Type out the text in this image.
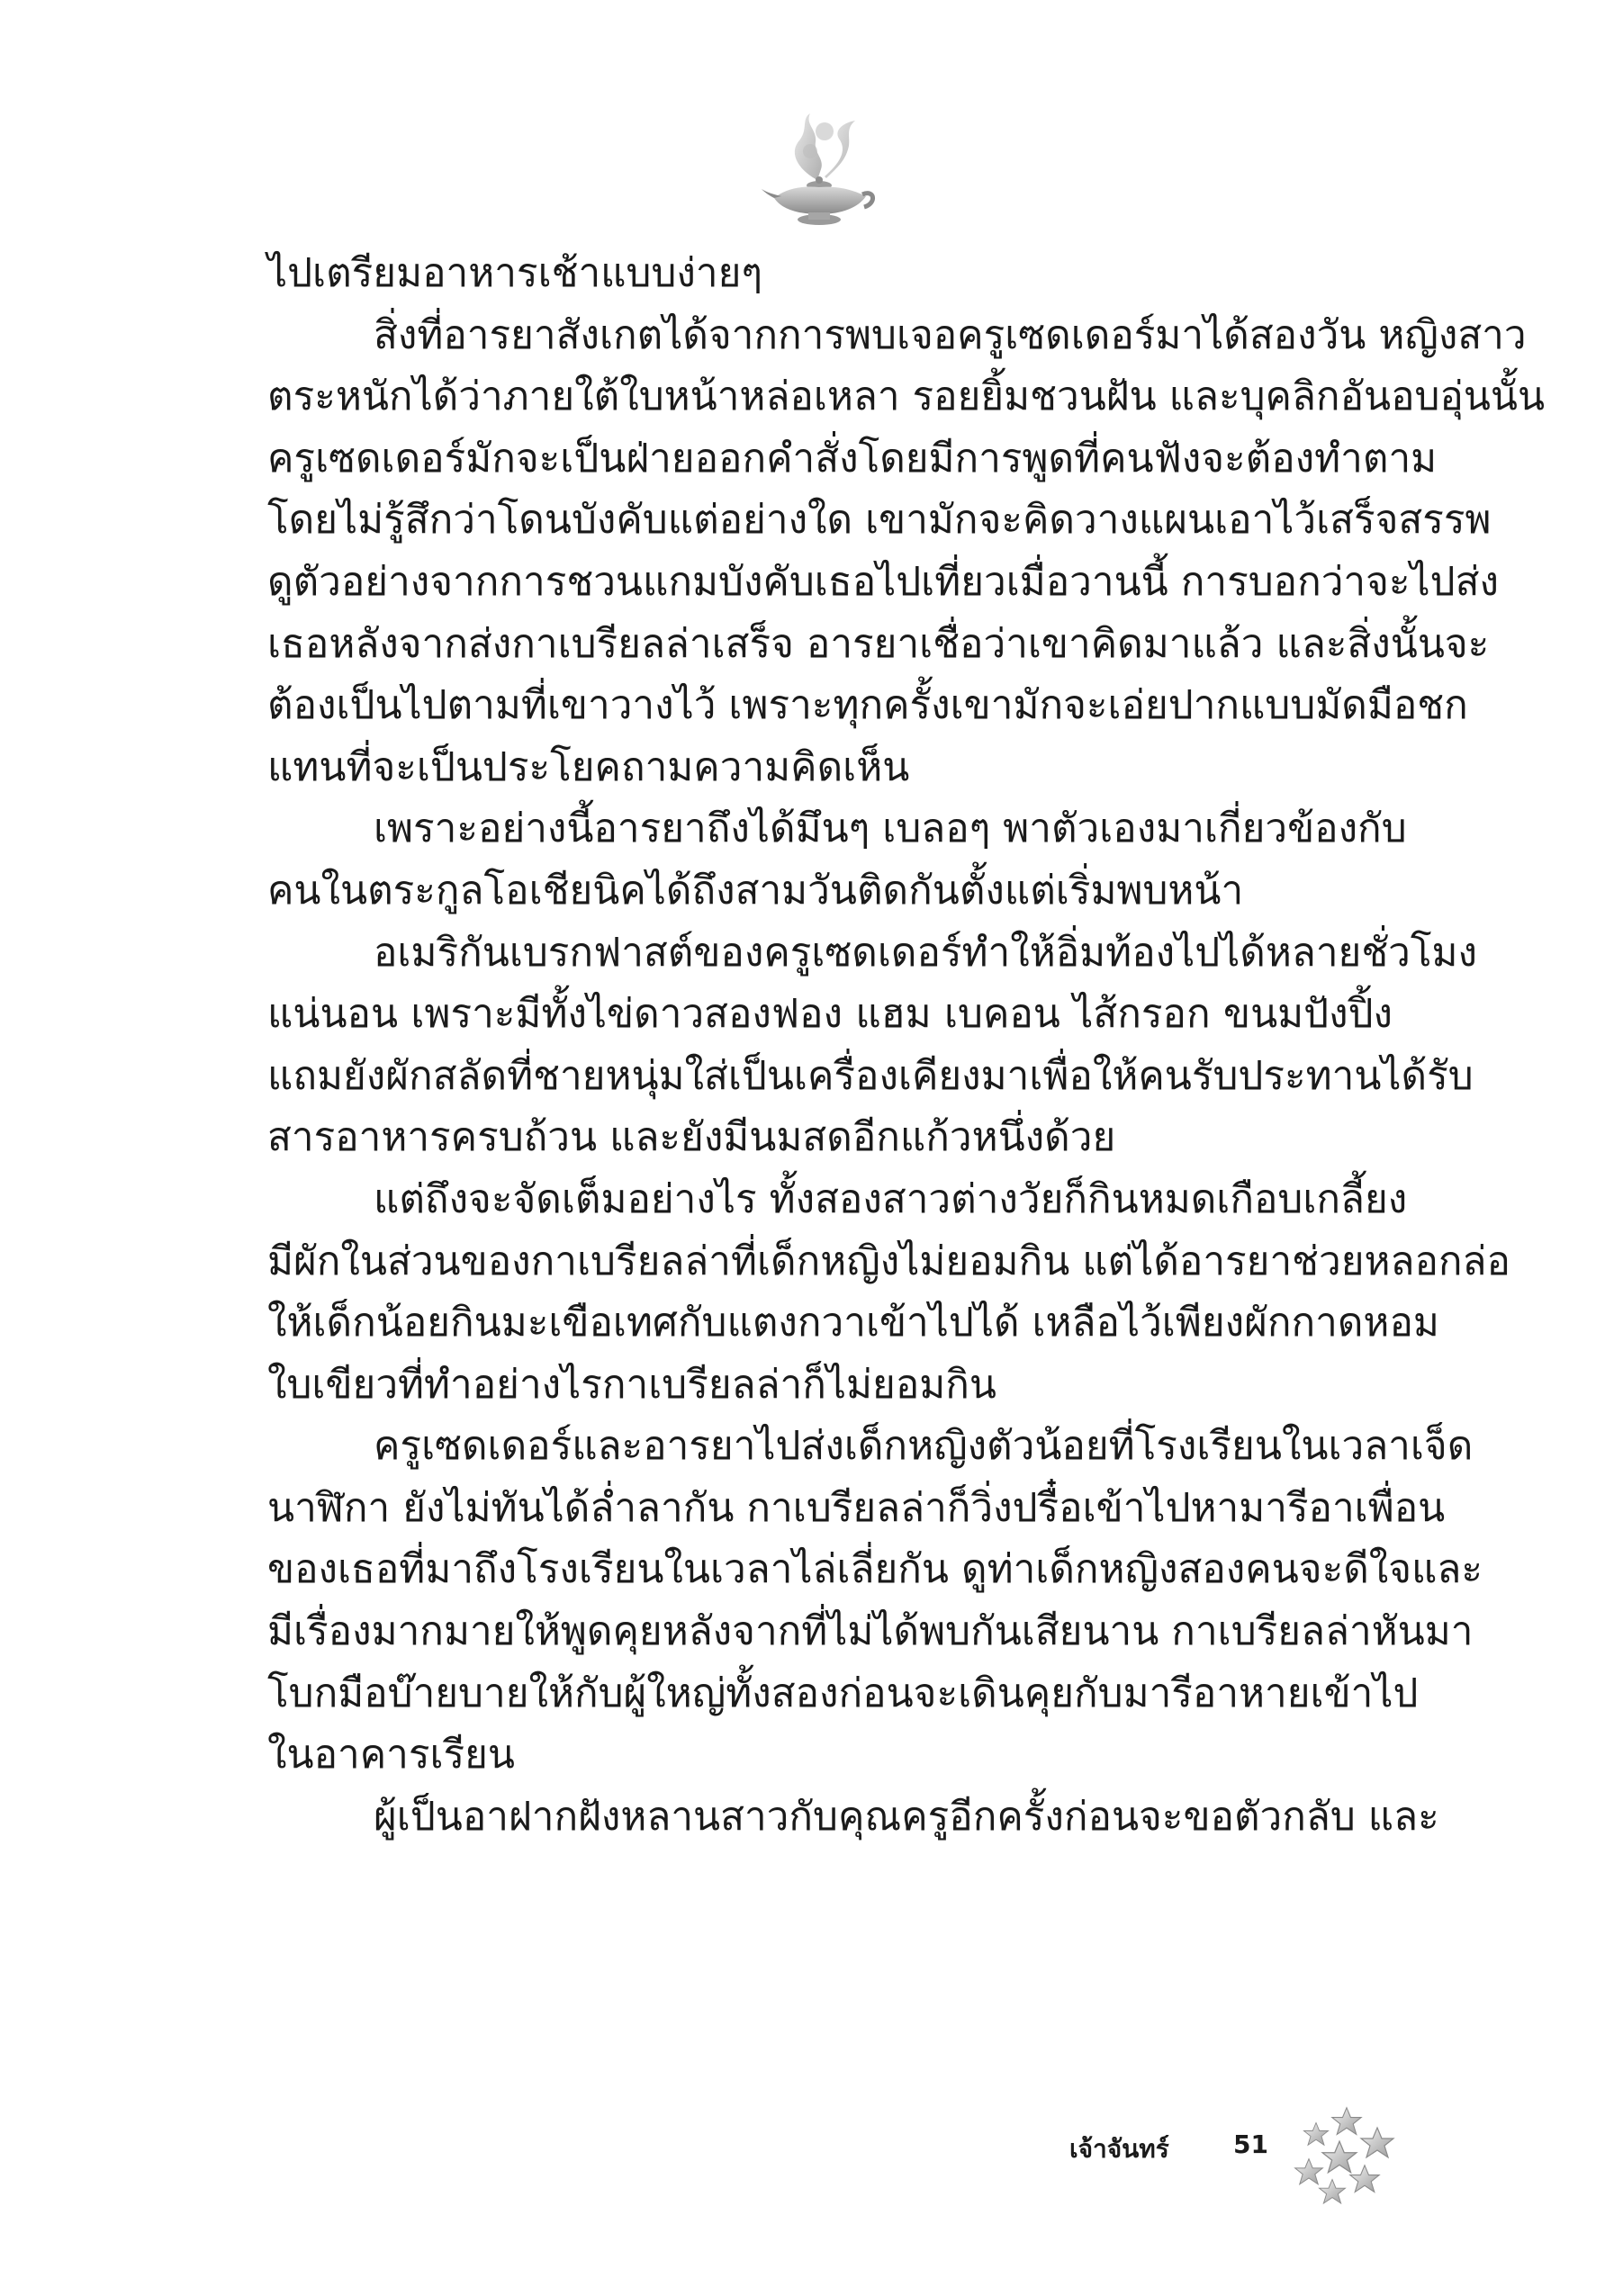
ไปเตรียมอาหารเช้าแบบง่ายๆ
สิ่งที่อารยาสังเกตได้จากการพบเจอครูเซดเดอร์มาได้สองวัน หญิงสาว
ตระหนักได้ว่าภายใต้ใบหน้าหล่อเหลา รอยยิ้มชวนฝัน และบุคลิกอันอบอุ่นนั้น
ครูเซดเดอร์มักจะเป็นฝ่ายออกคำสั่งโดยมีการพูดที่คนฟังจะต้องทำตาม
โดยไม่รู้สึกว่าโดนบังคับแต่อย่างใด เขามักจะคิดวางแผนเอาไว้เสร็จสรรพ
ดูตัวอย่างจากการชวนแกมบังคับเธอไปเที่ยวเมื่อวานนี้ การบอกว่าจะไปส่ง
เธอหลังจากส่งกาเบรียลล่าเสร็จ อารยาเชื่อว่าเขาคิดมาแล้ว และสิ่งนั้นจะ
ต้องเป็นไปตามที่เขาวางไว้ เพราะทุกครั้งเขามักจะเอ่ยปากแบบมัดมือชก
แทนที่จะเป็นประโยคถามความคิดเห็น
เพราะอย่างนี้อารยาถึงได้มึนๆ เบลอๆ พาตัวเองมาเกี่ยวข้องกับ
คนในตระกูลโอเชียนิคได้ถึงสามวันติดกันตั้งแต่เริ่มพบหน้า
อเมริกันเบรกฟาสต์ของครูเซดเดอร์ทำให้อิ่มท้องไปได้หลายชั่วโมง
แน่นอน เพราะมีทั้งไข่ดาวสองฟอง แฮม เบคอน ไส้กรอก ขนมปังปิ้ง
แถมยังผักสลัดที่ชายหนุ่มใส่เป็นเครื่องเคียงมาเพื่อให้คนรับประทานได้รับ
สารอาหารครบถ้วน และยังมีนมสดอีกแก้วหนึ่งด้วย
แต่ถึงจะจัดเต็มอย่างไร ทั้งสองสาวต่างวัยก็กินหมดเกือบเกลี้ยง
มีผักในส่วนของกาเบรียลล่าที่เด็กหญิงไม่ยอมกิน แต่ได้อารยาช่วยหลอกล่อ
ให้เด็กน้อยกินมะเขือเทศกับแตงกวาเข้าไปได้ เหลือไว้เพียงผักกาดหอม
ใบเขียวที่ทำอย่างไรกาเบรียลล่าก็ไม่ยอมกิน
ครูเซดเดอร์และอารยาไปส่งเด็กหญิงตัวน้อยที่โรงเรียนในเวลาเจ็ด
นาฬิกา ยังไม่ทันได้ล่ำลากัน กาเบรียลล่าก็วิ่งปรื๋อเข้าไปหามารีอาเพื่อน
ของเธอที่มาถึงโรงเรียนในเวลาไล่เลี่ยกัน ดูท่าเด็กหญิงสองคนจะดีใจและ
มีเรื่องมากมายให้พูดคุยหลังจากที่ไม่ได้พบกันเสียนาน กาเบรียลล่าหันมา
โบกมือบ๊ายบายให้กับผู้ใหญ่ทั้งสองก่อนจะเดินคุยกับมารีอาหายเข้าไป
ในอาคารเรียน
ผู้เป็นอาฝากฝังหลานสาวกับคุณครูอีกครั้งก่อนจะขอตัวกลับ และ
เจ้าจันทร์	51
